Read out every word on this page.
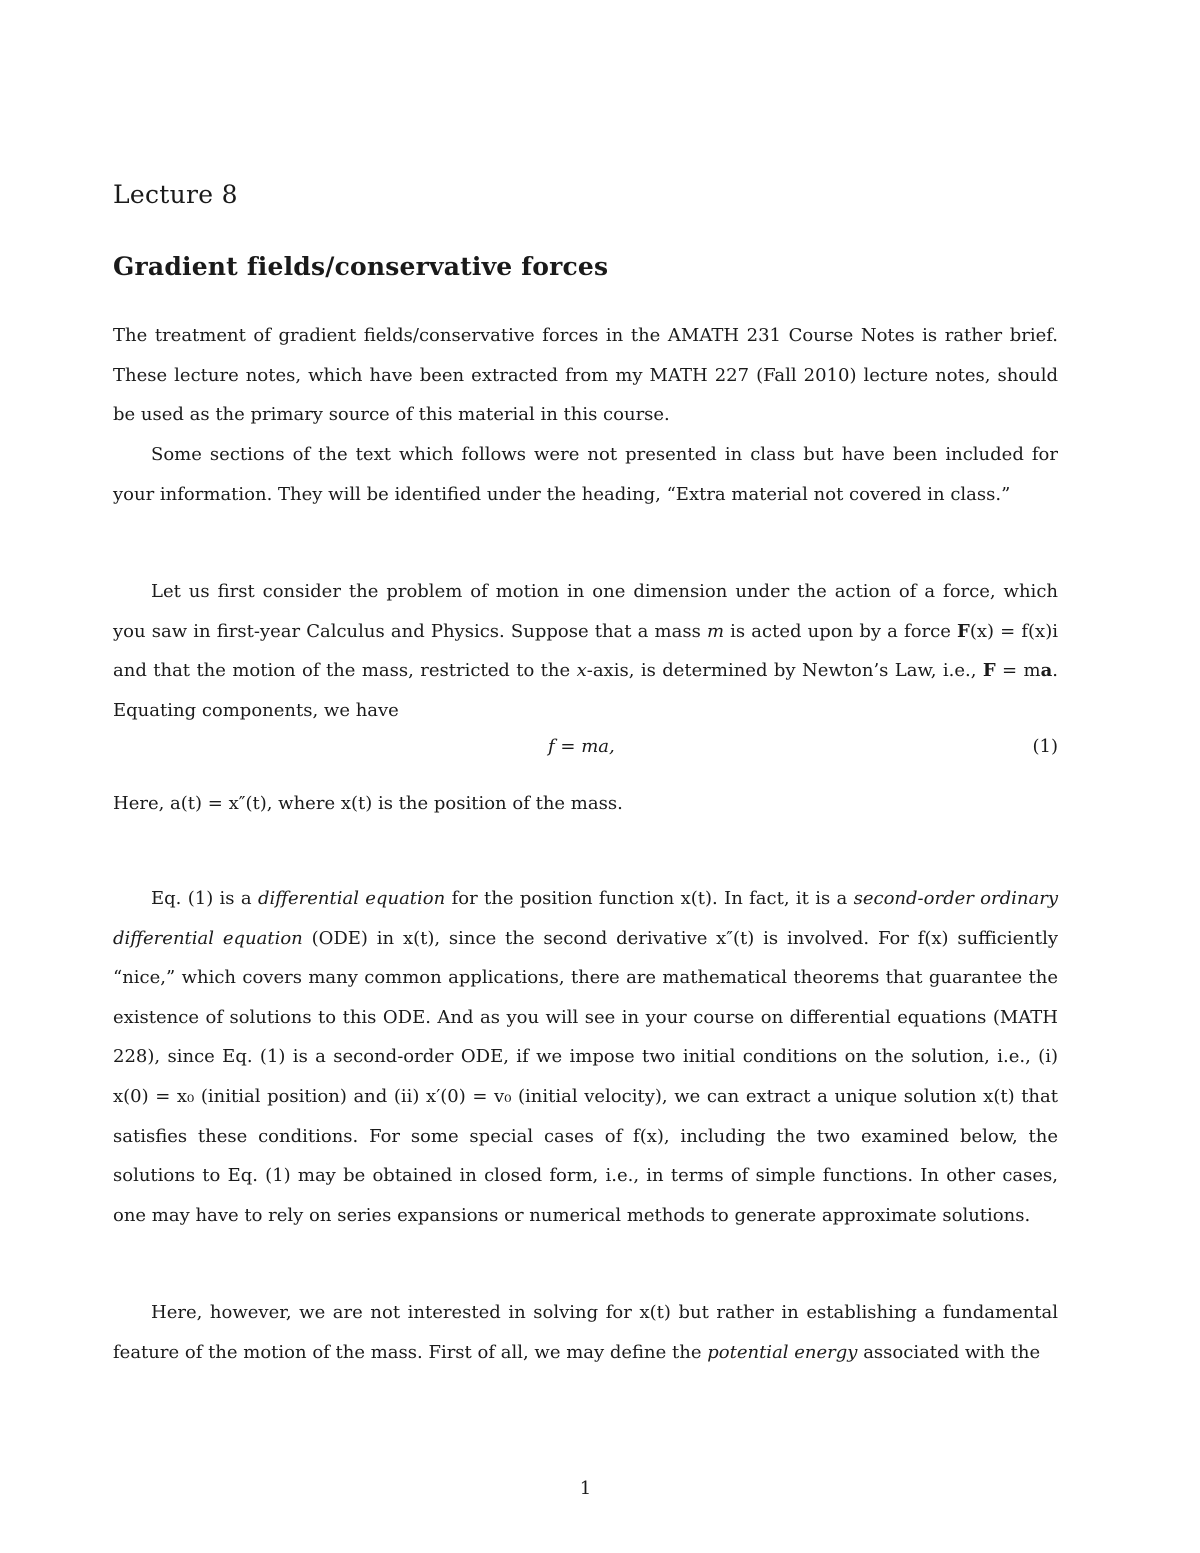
Lecture 8
Gradient fields/conservative forces

The treatment of gradient fields/conservative forces in the AMATH 231 Course Notes is rather brief. These lecture notes, which have been extracted from my MATH 227 (Fall 2010) lecture notes, should be used as the primary source of this material in this course.

Some sections of the text which follows were not presented in class but have been included for your information. They will be identified under the heading, “Extra material not covered in class.”

Let us first consider the problem of motion in one dimension under the action of a force, which you saw in first-year Calculus and Physics. Suppose that a mass m is acted upon by a force F(x) = f(x)i and that the motion of the mass, restricted to the x-axis, is determined by Newton’s Law, i.e., F = ma. Equating components, we have

f = ma,	(1)

Here, a(t) = x″(t), where x(t) is the position of the mass.

Eq. (1) is a differential equation for the position function x(t). In fact, it is a second-order ordinary differential equation (ODE) in x(t), since the second derivative x″(t) is involved. For f(x) sufficiently “nice,” which covers many common applications, there are mathematical theorems that guarantee the existence of solutions to this ODE. And as you will see in your course on differential equations (MATH 228), since Eq. (1) is a second-order ODE, if we impose two initial conditions on the solution, i.e., (i) x(0) = x₀ (initial position) and (ii) x′(0) = v₀ (initial velocity), we can extract a unique solution x(t) that satisfies these conditions. For some special cases of f(x), including the two examined below, the solutions to Eq. (1) may be obtained in closed form, i.e., in terms of simple functions. In other cases, one may have to rely on series expansions or numerical methods to generate approximate solutions.

Here, however, we are not interested in solving for x(t) but rather in establishing a fundamental feature of the motion of the mass. First of all, we may define the potential energy associated with the

1
